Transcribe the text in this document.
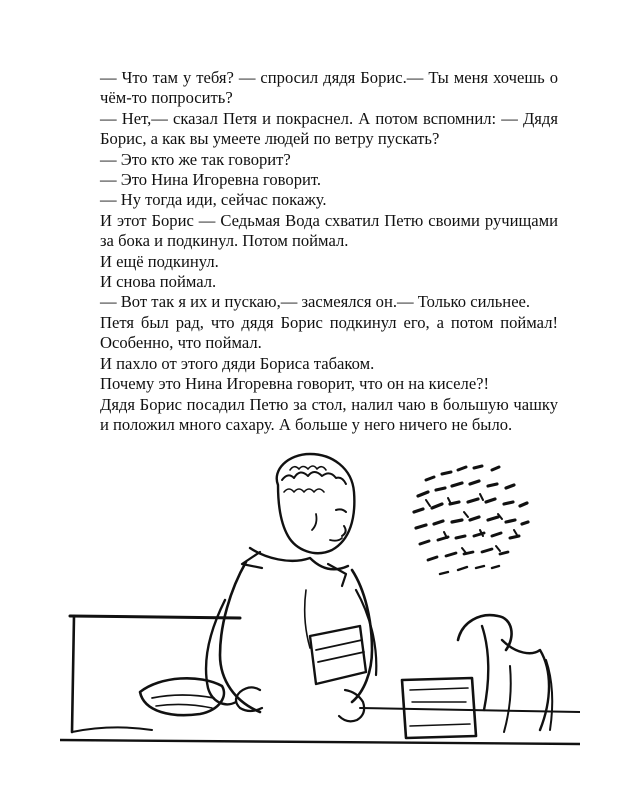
— Что там у тебя? — спросил дядя Борис.— Ты меня хочешь о чём-то попросить?

— Нет,— сказал Петя и покраснел. А потом вспомнил: — Дядя Борис, а как вы умеете людей по ветру пускать?

— Это кто же так говорит?

— Это Нина Игоревна говорит.

— Ну тогда иди, сейчас покажу.

И этот Борис — Седьмая Вода схватил Петю своими ручищами за бока и подкинул. Потом поймал.

И ещё подкинул.

И снова поймал.

— Вот так я их и пускаю,— засмеялся он.— Только сильнее.

Петя был рад, что дядя Борис подкинул его, а потом поймал! Особенно, что поймал.

И пахло от этого дяди Бориса табаком.

Почему это Нина Игоревна говорит, что он на киселе?!

Дядя Борис посадил Петю за стол, налил чаю в большую чашку и положил много сахару. А больше у него ничего не было.
